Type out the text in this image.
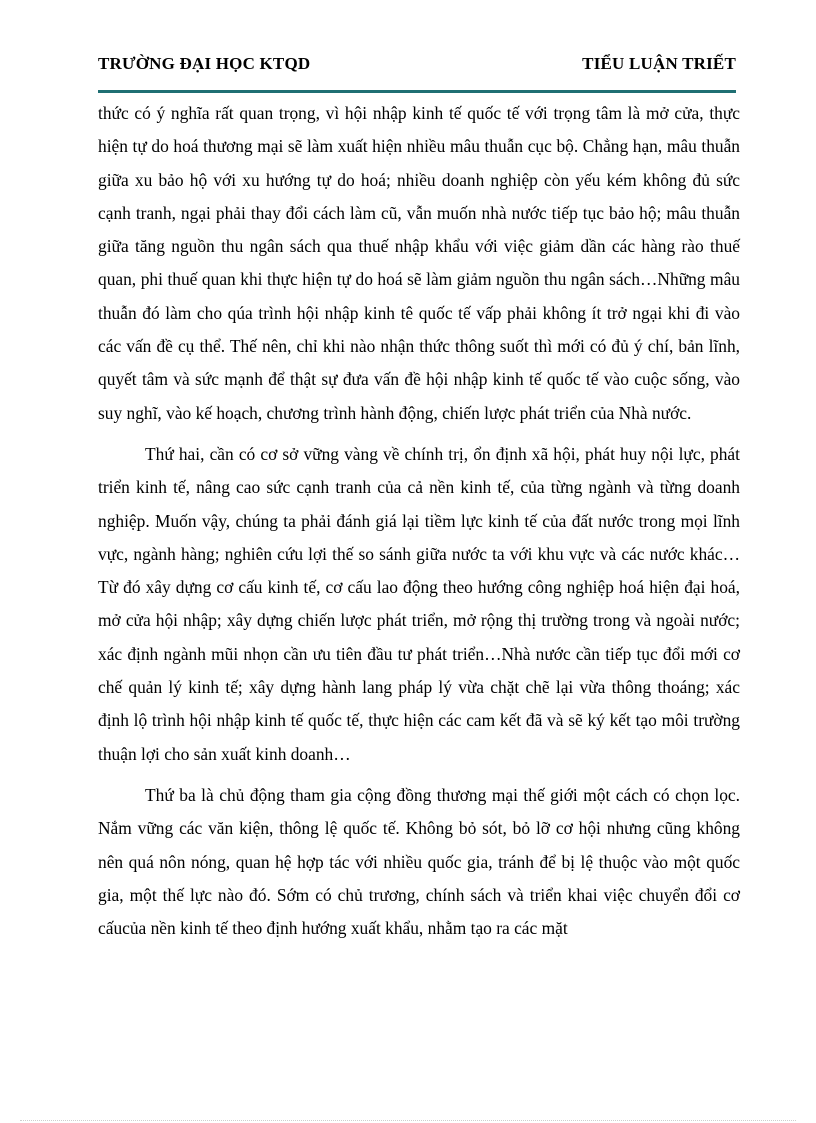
TRƯỜNG ĐẠI HỌC KTQD	TIỂU LUẬN TRIẾT

thức có ý nghĩa rất quan trọng, vì hội nhập kinh tế quốc tế với trọng tâm là mở cửa, thực hiện tự do hoá thương mại sẽ làm xuất hiện nhiều mâu thuẫn cục bộ. Chẳng hạn, mâu thuẫn giữa xu bảo hộ với xu hướng tự do hoá; nhiều doanh nghiệp còn yếu kém không đủ sức cạnh tranh, ngại phải thay đổi cách làm cũ, vẫn muốn nhà nước tiếp tục bảo hộ; mâu thuẫn giữa tăng nguồn thu ngân sách qua thuế nhập khẩu với việc giảm dần các hàng rào thuế quan, phi thuế quan khi thực hiện tự do hoá sẽ làm giảm nguồn thu ngân sách…Những mâu thuẫn đó làm cho qúa trình hội nhập kinh tê quốc tế vấp phải không ít trở ngại khi đi vào các vấn đề cụ thể. Thế nên, chỉ khi nào nhận thức thông suốt thì mới có đủ ý chí, bản lĩnh, quyết tâm và sức mạnh để thật sự đưa vấn đề hội nhập kinh tế quốc tế vào cuộc sống, vào suy nghĩ, vào kế hoạch, chương trình hành động, chiến lược phát triển của Nhà nước.

Thứ hai, cần có cơ sở vững vàng về chính trị, ổn định xã hội, phát huy nội lực, phát triển kinh tế, nâng cao sức cạnh tranh của cả nền kinh tế, của từng ngành và từng doanh nghiệp. Muốn vậy, chúng ta phải đánh giá lại tiềm lực kinh tế của đất nước trong mọi lĩnh vực, ngành hàng; nghiên cứu lợi thế so sánh giữa nước ta với khu vực và các nước khác…Từ đó xây dựng cơ cấu kinh tế, cơ cấu lao động theo hướng công nghiệp hoá hiện đại hoá, mở cửa hội nhập; xây dựng chiến lược phát triển, mở rộng thị trường trong và ngoài nước; xác định ngành mũi nhọn cần ưu tiên đầu tư phát triển…Nhà nước cần tiếp tục đổi mới cơ chế quản lý kinh tế; xây dựng hành lang pháp lý vừa chặt chẽ lại vừa thông thoáng; xác định lộ trình hội nhập kinh tế quốc tế, thực hiện các cam kết đã và sẽ ký kết tạo môi trường thuận lợi cho sản xuất kinh doanh…

Thứ ba là chủ động tham gia cộng đồng thương mại thế giới một cách có chọn lọc. Nắm vững các văn kiện, thông lệ quốc tế. Không bỏ sót, bỏ lỡ cơ hội nhưng cũng không nên quá nôn nóng, quan hệ hợp tác với nhiều quốc gia, tránh để bị lệ thuộc vào một quốc gia, một thế lực nào đó. Sớm có chủ trương, chính sách và triển khai việc chuyển đổi cơ cấucủa nền kinh tế theo định hướng xuất khẩu, nhằm tạo ra các mặt
